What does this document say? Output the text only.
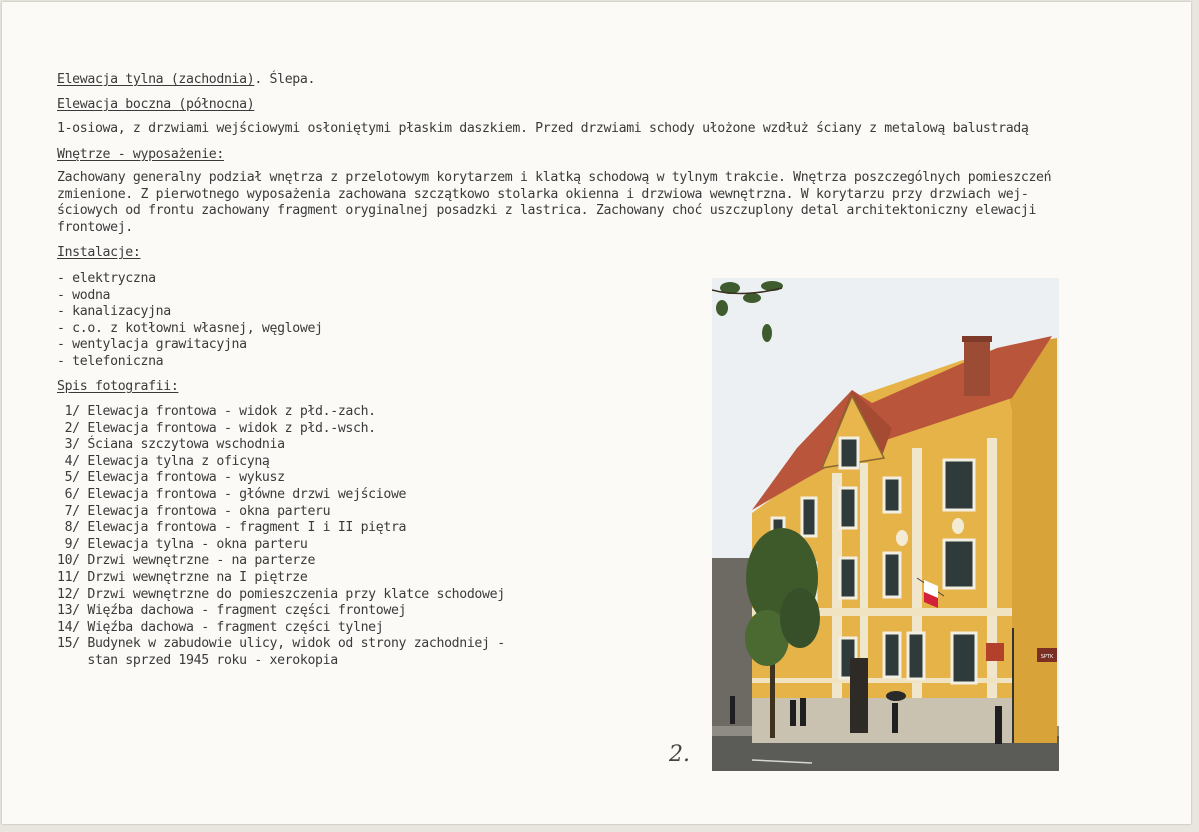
Elewacja tylna (zachodnia). Ślepa.
Elewacja boczna (północna)
1-osiowa, z drzwiami wejściowymi osłoniętymi płaskim daszkiem. Przed drzwiami schody ułożone wzdłuż ściany z metalową balustradą
Wnętrze - wyposażenie:
Zachowany generalny podział wnętrza z przelotowym korytarzem i klatką schodową w tylnym trakcie. Wnętrza poszczególnych pomieszczeń
zmienione. Z pierwotnego wyposażenia zachowana szczątkowo stolarka okienna i drzwiowa wewnętrzna. W korytarzu przy drzwiach wej-
ściowych od frontu zachowany fragment oryginalnej posadzki z lastrica. Zachowany choć uszczuplony detal architektoniczny elewacji
frontowej.
Instalacje:
- elektryczna
- wodna
- kanalizacyjna
- c.o. z kotłowni własnej, węglowej
- wentylacja grawitacyjna
- telefoniczna
Spis fotografii:
1/ Elewacja frontowa - widok z płd.-zach.
2/ Elewacja frontowa - widok z płd.-wsch.
3/ Ściana szczytowa wschodnia
4/ Elewacja tylna z oficyną
5/ Elewacja frontowa - wykusz
6/ Elewacja frontowa - główne drzwi wejściowe
7/ Elewacja frontowa - okna parteru
8/ Elewacja frontowa - fragment I i II piętra
9/ Elewacja tylna - okna parteru
10/ Drzwi wewnętrzne - na parterze
11/ Drzwi wewnętrzne na I piętrze
12/ Drzwi wewnętrzne do pomieszczenia przy klatce schodowej
13/ Więźba dachowa - fragment części frontowej
14/ Więźba dachowa - fragment części tylnej
15/ Budynek w zabudowie ulicy, widok od strony zachodniej -
stan sprzed 1945 roku - xerokopia	SPTK
2.
